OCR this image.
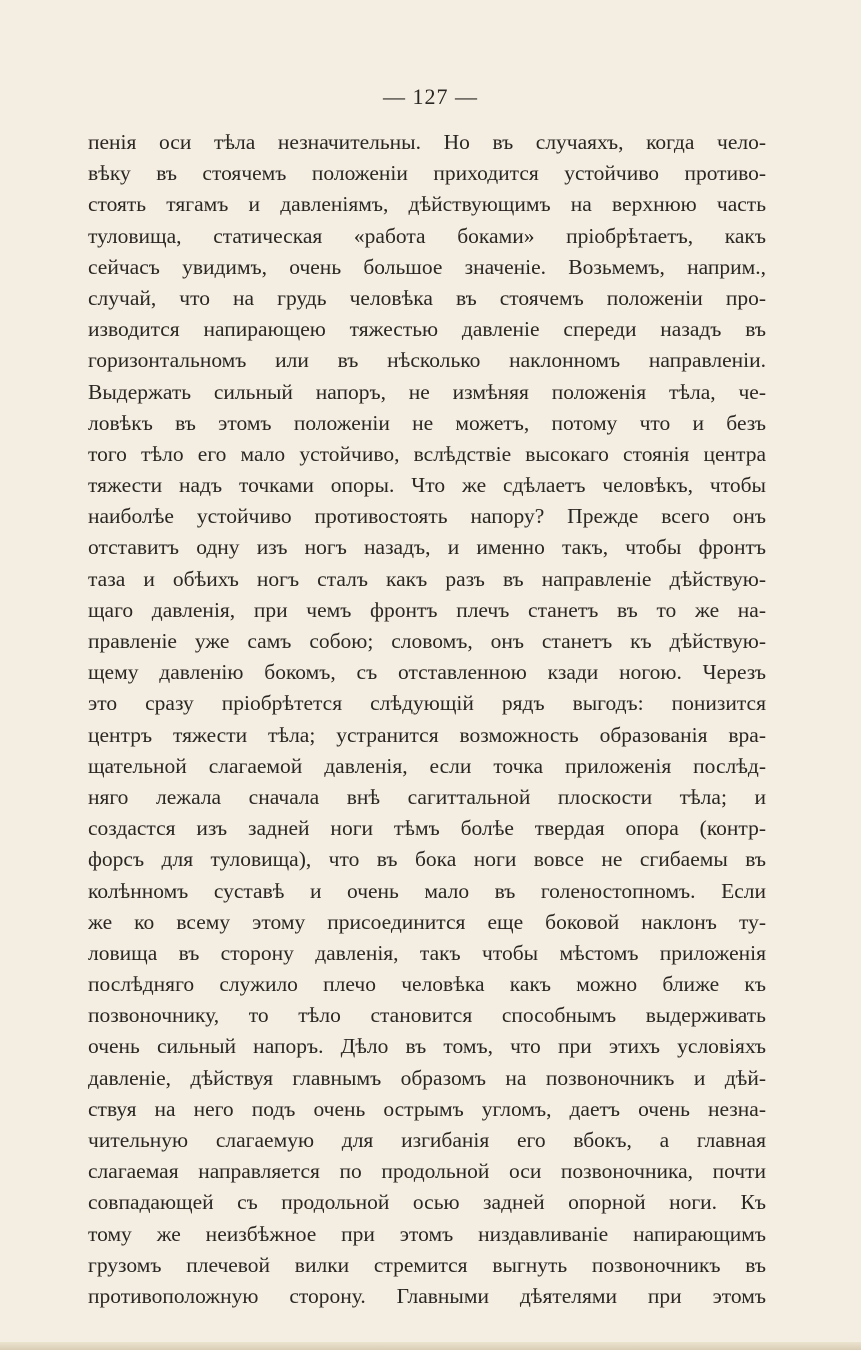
— 127 —
пенія оси тѣла незначительны. Но въ случаяхъ, когда чело-
вѣку въ стоячемъ положеніи приходится устойчиво противо-
стоять тягамъ и давленіямъ, дѣйствующимъ на верхнюю часть
туловища, статическая «работа боками» пріобрѣтаетъ, какъ
сейчасъ увидимъ, очень большое значеніе. Возьмемъ, наприм.,
случай, что на грудь человѣка въ стоячемъ положеніи про-
изводится напирающею тяжестью давленіе спереди назадъ въ
горизонтальномъ или въ нѣсколько наклонномъ направленіи.
Выдержать сильный напоръ, не измѣняя положенія тѣла, че-
ловѣкъ въ этомъ положеніи не можетъ, потому что и безъ
того тѣло его мало устойчиво, вслѣдствіе высокаго стоянія центра
тяжести надъ точками опоры. Что же сдѣлаетъ человѣкъ, чтобы
наиболѣе устойчиво противостоять напору? Прежде всего онъ
отставитъ одну изъ ногъ назадъ, и именно такъ, чтобы фронтъ
таза и обѣихъ ногъ сталъ какъ разъ въ направленіе дѣйствую-
щаго давленія, при чемъ фронтъ плечъ станетъ въ то же на-
правленіе уже самъ собою; словомъ, онъ станетъ къ дѣйствую-
щему давленію бокомъ, съ отставленною кзади ногою. Черезъ
это сразу пріобрѣтется слѣдующій рядъ выгодъ: понизится
центръ тяжести тѣла; устранится возможность образованія вра-
щательной слагаемой давленія, если точка приложенія послѣд-
няго лежала сначала внѣ сагиттальной плоскости тѣла; и
создастся изъ задней ноги тѣмъ болѣе твердая опора (контр-
форсъ для туловища), что въ бока ноги вовсе не сгибаемы въ
колѣнномъ суставѣ и очень мало въ голеностопномъ. Если
же ко всему этому присоединится еще боковой наклонъ ту-
ловища въ сторону давленія, такъ чтобы мѣстомъ приложенія
послѣдняго служило плечо человѣка какъ можно ближе къ
позвоночнику, то тѣло становится способнымъ выдерживать
очень сильный напоръ. Дѣло въ томъ, что при этихъ условіяхъ
давленіе, дѣйствуя главнымъ образомъ на позвоночникъ и дѣй-
ствуя на него подъ очень острымъ угломъ, даетъ очень незна-
чительную слагаемую для изгибанія его вбокъ, а главная
слагаемая направляется по продольной оси позвоночника, почти
совпадающей съ продольной осью задней опорной ноги. Къ
тому же неизбѣжное при этомъ низдавливаніе напирающимъ
грузомъ плечевой вилки стремится выгнуть позвоночникъ въ
противоположную сторону. Главными дѣятелями при этомъ
